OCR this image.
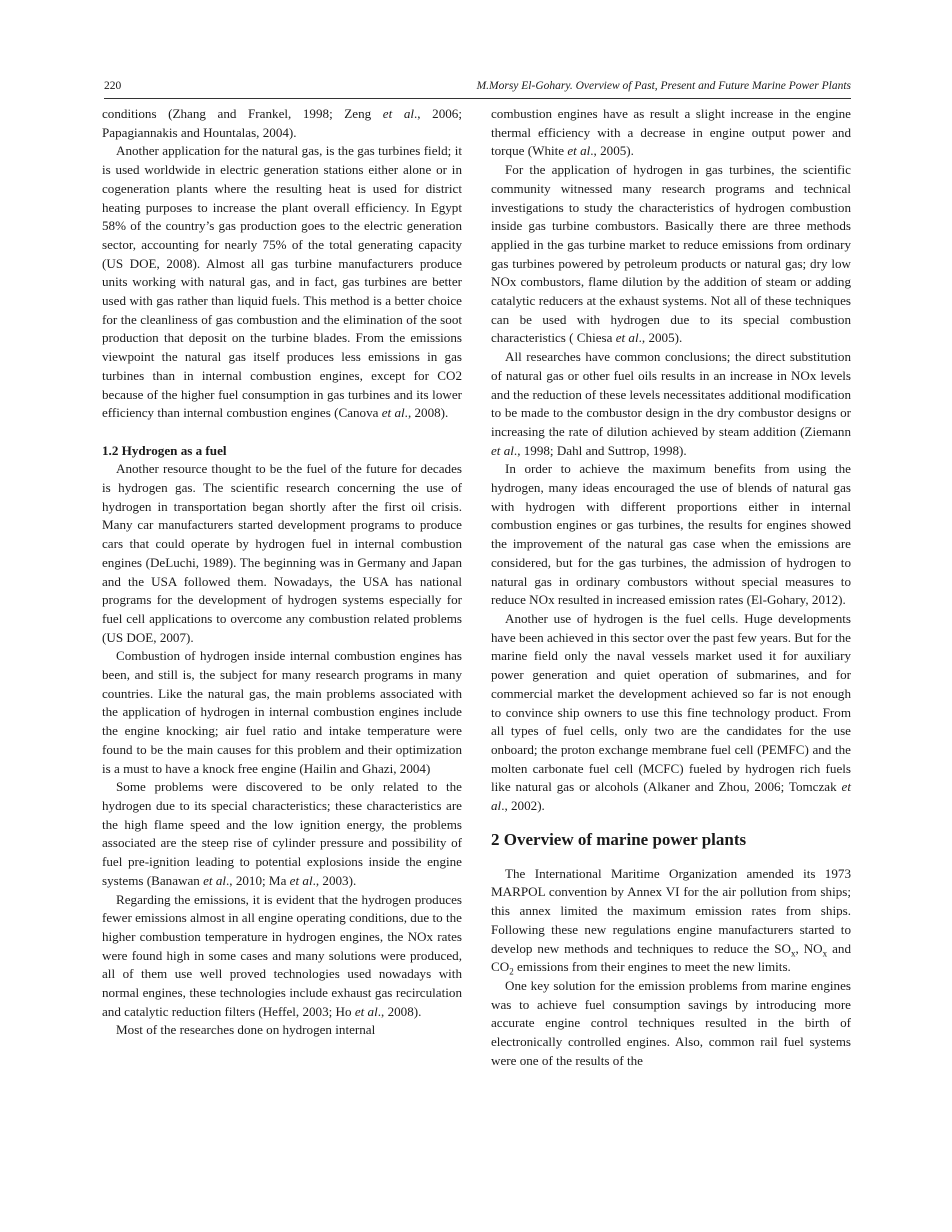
220	M.Morsy El-Gohary. Overview of Past, Present and Future Marine Power Plants

conditions (Zhang and Frankel, 1998; Zeng et al., 2006; Papagiannakis and Hountalas, 2004).

Another application for the natural gas, is the gas turbines field; it is used worldwide in electric generation stations either alone or in cogeneration plants where the resulting heat is used for district heating purposes to increase the plant overall efficiency. In Egypt 58% of the country’s gas production goes to the electric generation sector, accounting for nearly 75% of the total generating capacity (US DOE, 2008). Almost all gas turbine manufacturers produce units working with natural gas, and in fact, gas turbines are better used with gas rather than liquid fuels. This method is a better choice for the cleanliness of gas combustion and the elimination of the soot production that deposit on the turbine blades. From the emissions viewpoint the natural gas itself produces less emissions in gas turbines than in internal combustion engines, except for CO2 because of the higher fuel consumption in gas turbines and its lower efficiency than internal combustion engines (Canova et al., 2008).

1.2 Hydrogen as a fuel

Another resource thought to be the fuel of the future for decades is hydrogen gas. The scientific research concerning the use of hydrogen in transportation began shortly after the first oil crisis. Many car manufacturers started development programs to produce cars that could operate by hydrogen fuel in internal combustion engines (DeLuchi, 1989). The beginning was in Germany and Japan and the USA followed them. Nowadays, the USA has national programs for the development of hydrogen systems especially for fuel cell applications to overcome any combustion related problems (US DOE, 2007).

Combustion of hydrogen inside internal combustion engines has been, and still is, the subject for many research programs in many countries. Like the natural gas, the main problems associated with the application of hydrogen in internal combustion engines include the engine knocking; air fuel ratio and intake temperature were found to be the main causes for this problem and their optimization is a must to have a knock free engine (Hailin and Ghazi, 2004)

Some problems were discovered to be only related to the hydrogen due to its special characteristics; these characteristics are the high flame speed and the low ignition energy, the problems associated are the steep rise of cylinder pressure and possibility of fuel pre-ignition leading to potential explosions inside the engine systems (Banawan et al., 2010; Ma et al., 2003).

Regarding the emissions, it is evident that the hydrogen produces fewer emissions almost in all engine operating conditions, due to the higher combustion temperature in hydrogen engines, the NOx rates were found high in some cases and many solutions were produced, all of them use well proved technologies used nowadays with normal engines, these technologies include exhaust gas recirculation and catalytic reduction filters (Heffel, 2003; Ho et al., 2008).

Most of the researches done on hydrogen internal

combustion engines have as result a slight increase in the engine thermal efficiency with a decrease in engine output power and torque (White et al., 2005).

For the application of hydrogen in gas turbines, the scientific community witnessed many research programs and technical investigations to study the characteristics of hydrogen combustion inside gas turbine combustors. Basically there are three methods applied in the gas turbine market to reduce emissions from ordinary gas turbines powered by petroleum products or natural gas; dry low NOx combustors, flame dilution by the addition of steam or adding catalytic reducers at the exhaust systems. Not all of these techniques can be used with hydrogen due to its special combustion characteristics ( Chiesa et al., 2005).

All researches have common conclusions; the direct substitution of natural gas or other fuel oils results in an increase in NOx levels and the reduction of these levels necessitates additional modification to be made to the combustor design in the dry combustor designs or increasing the rate of dilution achieved by steam addition (Ziemann et al., 1998; Dahl and Suttrop, 1998).

In order to achieve the maximum benefits from using the hydrogen, many ideas encouraged the use of blends of natural gas with hydrogen with different proportions either in internal combustion engines or gas turbines, the results for engines showed the improvement of the natural gas case when the emissions are considered, but for the gas turbines, the admission of hydrogen to natural gas in ordinary combustors without special measures to reduce NOx resulted in increased emission rates (El-Gohary, 2012).

Another use of hydrogen is the fuel cells. Huge developments have been achieved in this sector over the past few years. But for the marine field only the naval vessels market used it for auxiliary power generation and quiet operation of submarines, and for commercial market the development achieved so far is not enough to convince ship owners to use this fine technology product. From all types of fuel cells, only two are the candidates for the use onboard; the proton exchange membrane fuel cell (PEMFC) and the molten carbonate fuel cell (MCFC) fueled by hydrogen rich fuels like natural gas or alcohols (Alkaner and Zhou, 2006; Tomczak et al., 2002).

2 Overview of marine power plants

The International Maritime Organization amended its 1973 MARPOL convention by Annex VI for the air pollution from ships; this annex limited the maximum emission rates from ships. Following these new regulations engine manufacturers started to develop new methods and techniques to reduce the $SO_x$, $NO_x$ and $CO_2$ emissions from their engines to meet the new limits.

One key solution for the emission problems from marine engines was to achieve fuel consumption savings by introducing more accurate engine control techniques resulted in the birth of electronically controlled engines. Also, common rail fuel systems were one of the results of the
